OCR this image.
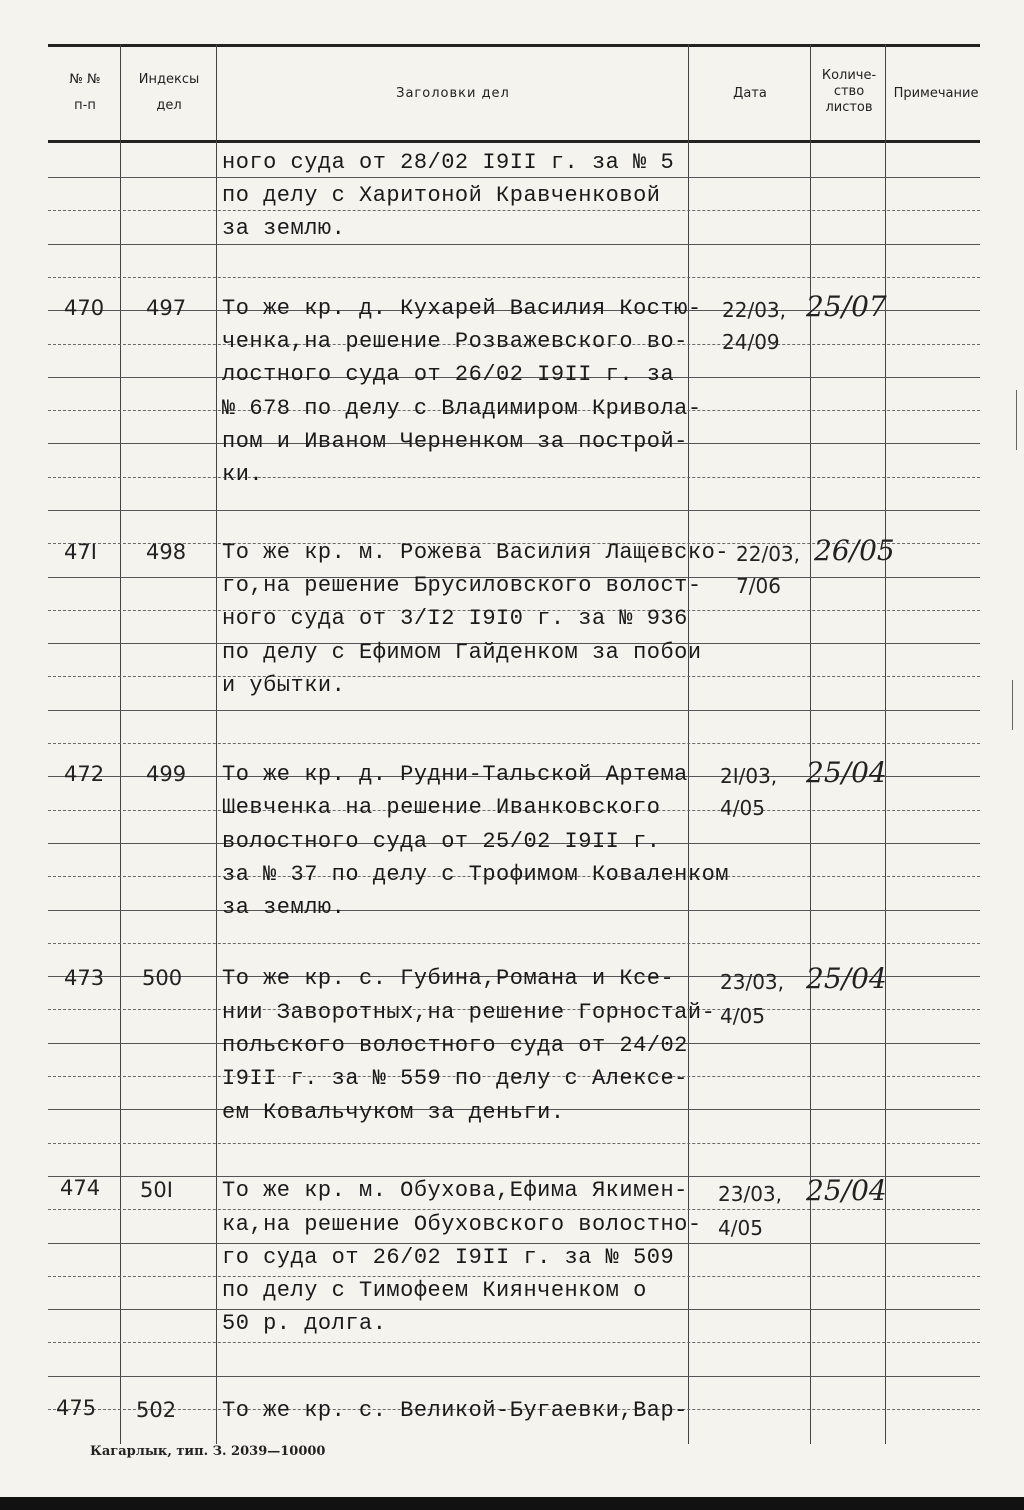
№ №
п-п
Индексы
дел
Заголовки дел	Дата
Количе-
ство
листов
Примечание
ного суда от 28/02 I9II г. за № 5
по делу с Харитоной Кравченковой
за землю.
470 497 То же кр. д. Кухарей Василия Костю-
ченка,на решение Розважевского во-
лостного суда от 26/02 I9II г. за
№ 678 по делу с Владимиром Криволa-
пом и Иваном Черненком за построй-
ки.
22/03,
24/09
25/07
47I 498 То же кр. м. Рожева Василия Лащевско-
го,на решение Брусиловского волост-
ного суда от 3/I2 I9I0 г. за № 936
по делу с Ефимом Гайденком за побои
и убытки.
22/03,
7/06
26/05
472 499 То же кр. д. Рудни-Тальской Артема
Шевченка на решение Иванковского
волостного суда от 25/02 I9II г.
за № 37 по делу с Трофимом Коваленком
за землю.
2I/03,
4/05
25/04
473 500 То же кр. с. Губина,Романа и Ксе-
нии Заворотных,на решение Горностай-
польского волостного суда от 24/02
I9II г. за № 559 по делу с Алексе-
ем Ковальчуком за деньги.
23/03,
4/05
25/04
474 50I То же кр. м. Обухова,Ефима Якимен-
ка,на решение Обуховского волостно-
го суда от 26/02 I9II г. за № 509
по делу с Тимофеем Киянченком о
50 р. долга.
23/03,
4/05
25/04
475 502 То же кр. с. Великой-Бугаевки,Вар-
Кагарлык, тип. З. 2039—10000
